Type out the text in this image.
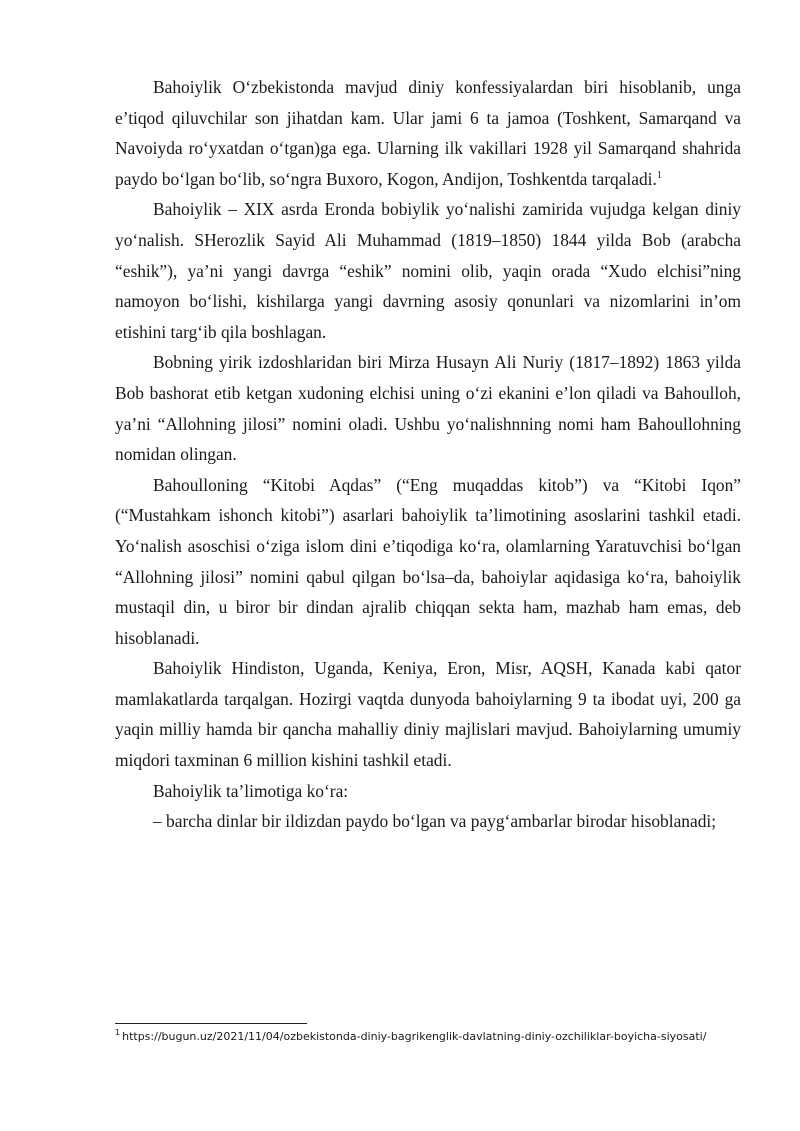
Bahoiylik O‘zbekistonda mavjud diniy konfessiyalardan biri hisoblanib, unga e’tiqod qiluvchilar son jihatdan kam. Ular jami 6 ta jamoa (Toshkent, Samarqand va Navoiyda ro‘yxatdan o‘tgan)ga ega. Ularning ilk vakillari 1928 yil Samarqand shahrida paydo bo‘lgan bo‘lib, so‘ngra Buxoro, Kogon, Andijon, Toshkentda tarqaladi.$^1$

Bahoiylik – XIX asrda Eronda bobiylik yo‘nalishi zamirida vujudga kelgan diniy yo‘nalish. SHerozlik Sayid Ali Muhammad (1819–1850) 1844 yilda Bob (arabcha “eshik”), ya’ni yangi davrga “eshik” nomini olib, yaqin orada “Xudo elchisi”ning namoyon bo‘lishi, kishilarga yangi davrning asosiy qonunlari va nizomlarini in’om etishini targ‘ib qila boshlagan.

Bobning yirik izdoshlaridan biri Mirza Husayn Ali Nuriy (1817–1892) 1863 yilda Bob bashorat etib ketgan xudoning elchisi uning o‘zi ekanini e’lon qiladi va Bahoulloh, ya’ni “Allohning jilosi” nomini oladi. Ushbu yo‘nalishnning nomi ham Bahoullohning nomidan olingan.

Bahoulloning “Kitobi Aqdas” (“Eng muqaddas kitob”) va “Kitobi Iqon” (“Mustahkam ishonch kitobi”) asarlari bahoiylik ta’limotining asoslarini tashkil etadi. Yo‘nalish asoschisi o‘ziga islom dini e’tiqodiga ko‘ra, olamlarning Yaratuvchisi bo‘lgan “Allohning jilosi” nomini qabul qilgan bo‘lsa–da, bahoiylar aqidasiga ko‘ra, bahoiylik mustaqil din, u biror bir dindan ajralib chiqqan sekta ham, mazhab ham emas, deb hisoblanadi.

Bahoiylik Hindiston, Uganda, Keniya, Eron, Misr, AQSH, Kanada kabi qator mamlakatlarda tarqalgan. Hozirgi vaqtda dunyoda bahoiylarning 9 ta ibodat uyi, 200 ga yaqin milliy hamda bir qancha mahalliy diniy majlislari mavjud. Bahoiylarning umumiy miqdori taxminan 6 million kishini tashkil etadi.

Bahoiylik ta’limotiga ko‘ra:

– barcha dinlar bir ildizdan paydo bo‘lgan va payg‘ambarlar birodar hisoblanadi;

$^1$ https://bugun.uz/2021/11/04/ozbekistonda-diniy-bagrikenglik-davlatning-diniy-ozchiliklar-boyicha-siyosati/
